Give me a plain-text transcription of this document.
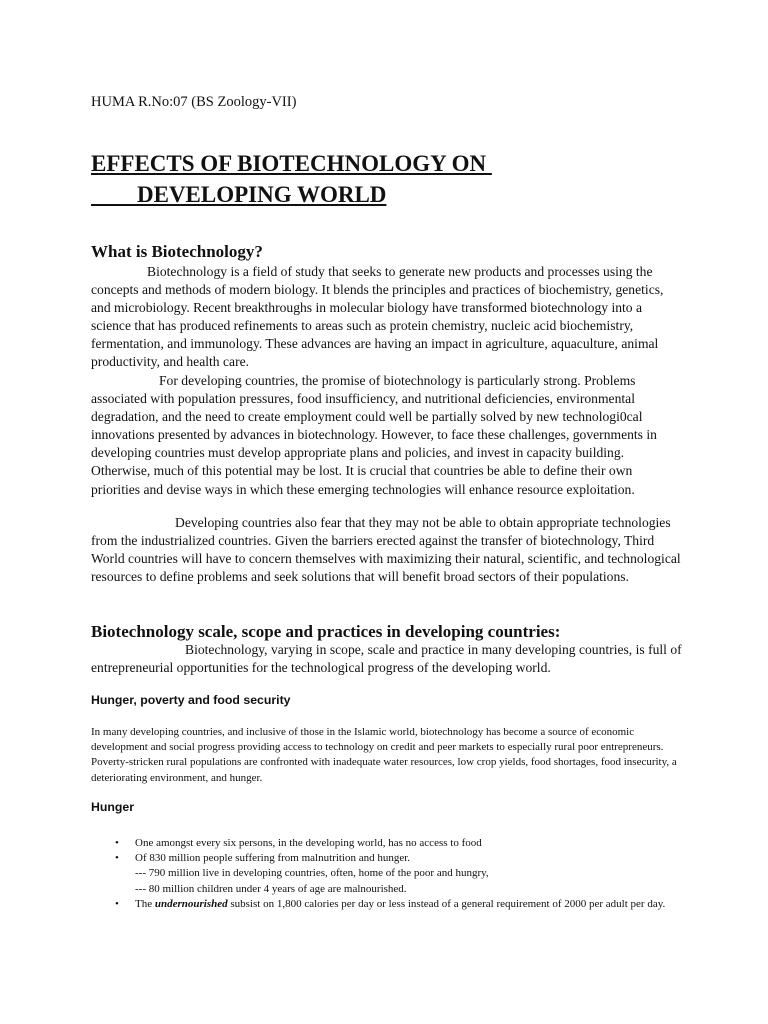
HUMA R.No:07 (BS Zoology-VII)
EFFECTS OF BIOTECHNOLOGY ON
DEVELOPING WORLD
What is Biotechnology?
Biotechnology is a field of study that seeks to generate new products and processes using the concepts and methods of modern biology. It blends the principles and practices of biochemistry, genetics, and microbiology. Recent breakthroughs in molecular biology have transformed biotechnology into a science that has produced refinements to areas such as protein chemistry, nucleic acid biochemistry, fermentation, and immunology. These advances are having an impact in agriculture, aquaculture, animal productivity, and health care.
For developing countries, the promise of biotechnology is particularly strong. Problems associated with population pressures, food insufficiency, and nutritional deficiencies, environmental degradation, and the need to create employment could well be partially solved by new technologi0cal innovations presented by advances in biotechnology. However, to face these challenges, governments in developing countries must develop appropriate plans and policies, and invest in capacity building. Otherwise, much of this potential may be lost. It is crucial that countries be able to define their own priorities and devise ways in which these emerging technologies will enhance resource exploitation.
Developing countries also fear that they may not be able to obtain appropriate technologies from the industrialized countries. Given the barriers erected against the transfer of biotechnology, Third World countries will have to concern themselves with maximizing their natural, scientific, and technological resources to define problems and seek solutions that will benefit broad sectors of their populations.
Biotechnology scale, scope and practices in developing countries:
Biotechnology, varying in scope, scale and practice in many developing countries, is full of entrepreneurial opportunities for the technological progress of the developing world.
Hunger, poverty and food security
In many developing countries, and inclusive of those in the Islamic world, biotechnology has become a source of economic development and social progress providing access to technology on credit and peer markets to especially rural poor entrepreneurs. Poverty-stricken rural populations are confronted with inadequate water resources, low crop yields, food shortages, food insecurity, a deteriorating environment, and hunger.
Hunger
• One amongst every six persons, in the developing world, has no access to food
• Of 830 million people suffering from malnutrition and hunger.
--- 790 million live in developing countries, often, home of the poor and hungry,
--- 80 million children under 4 years of age are malnourished.
• The undernourished subsist on 1,800 calories per day or less instead of a general requirement of 2000 per adult per day.
